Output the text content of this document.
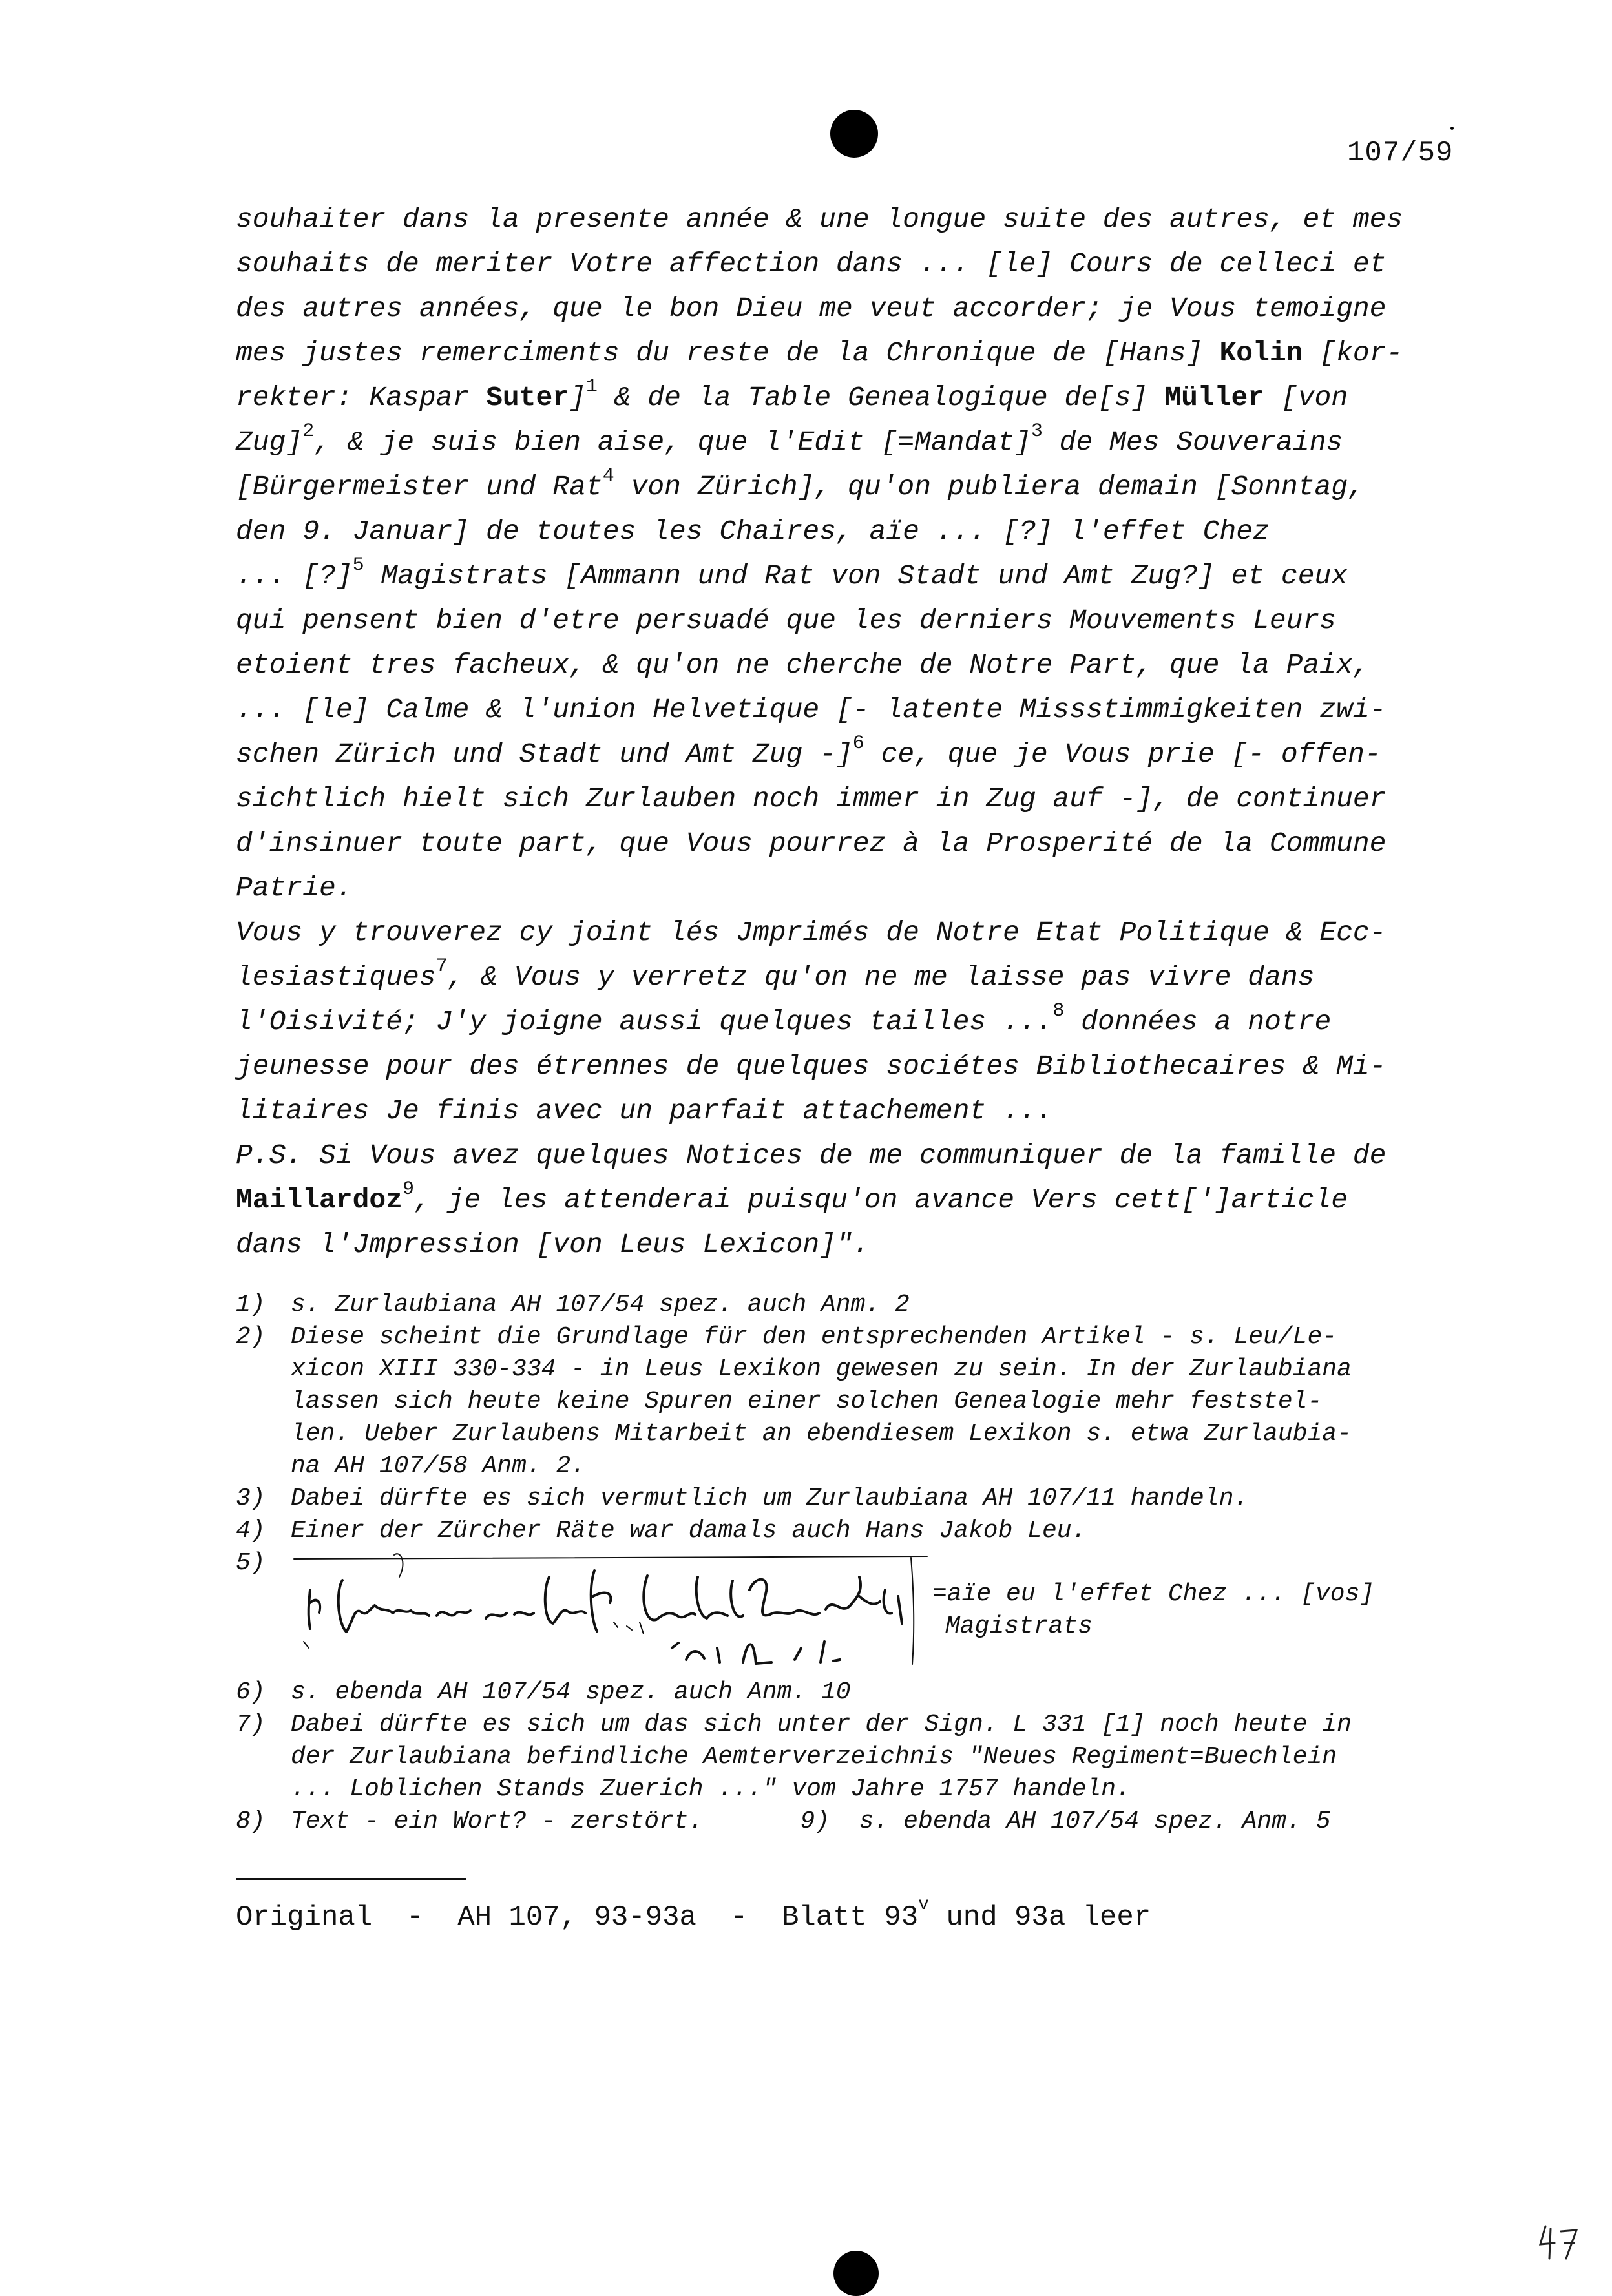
107/59
souhaiter dans la presente année & une longue suite des autres, et mes
souhaits de meriter Votre affection dans ... [le] Cours de celleci et
des autres années, que le bon Dieu me veut accorder; je Vous temoigne
mes justes remerciments du reste de la Chronique de [Hans] Kolin [kor-
rekter: Kaspar Suter]$^1$ & de la Table Genealogique de[s] Müller [von
Zug]$^2$, & je suis bien aise, que l'Edit [=Mandat]$^3$ de Mes Souverains
[Bürgermeister und Rat$^4$ von Zürich], qu'on publiera demain [Sonntag,
den 9. Januar] de toutes les Chaires, aïe ... [?] l'effet Chez
... [?]$^5$ Magistrats [Ammann und Rat von Stadt und Amt Zug?] et ceux
qui pensent bien d'etre persuadé que les derniers Mouvements Leurs
etoient tres facheux, & qu'on ne cherche de Notre Part, que la Paix,
... [le] Calme & l'union Helvetique [- latente Missstimmigkeiten zwi-
schen Zürich und Stadt und Amt Zug -]$^6$ ce, que je Vous prie [- offen-
sichtlich hielt sich Zurlauben noch immer in Zug auf -], de continuer
d'insinuer toute part, que Vous pourrez à la Prosperité de la Commune
Patrie.
Vous y trouverez cy joint lés Jmprimés de Notre Etat Politique & Ecc-
lesiastiques$^7$, & Vous y verretz qu'on ne me laisse pas vivre dans
l'Oisivité; J'y joigne aussi quelques tailles ...$^8$ données a notre
jeunesse pour des étrennes de quelques sociétes Bibliothecaires & Mi-
litaires Je finis avec un parfait attachement ...
P.S. Si Vous avez quelques Notices de me communiquer de la famille de
Maillardoz$^9$, je les attenderai puisqu'on avance Vers cett[']article
dans l'Jmpression [von Leus Lexicon]".
1)	s. Zurlaubiana AH 107/54 spez. auch Anm. 2
2)	Diese scheint die Grundlage für den entsprechenden Artikel - s. Leu/Le-
xicon XIII 330-334 - in Leus Lexikon gewesen zu sein. In der Zurlaubiana
lassen sich heute keine Spuren einer solchen Genealogie mehr feststel-
len. Ueber Zurlaubens Mitarbeit an ebendiesem Lexikon s. etwa Zurlaubia-
na AH 107/58 Anm. 2.
3)	Dabei dürfte es sich vermutlich um Zurlaubiana AH 107/11 handeln.
4)	Einer der Zürcher Räte war damals auch Hans Jakob Leu.
5)
=aïe eu l'effet Chez ... [vos]
Magistrats
6)	s. ebenda AH 107/54 spez. auch Anm. 10
7)	Dabei dürfte es sich um das sich unter der Sign. L 331 [1] noch heute in
der Zurlaubiana befindliche Aemterverzeichnis "Neues Regiment=Buechlein
... Loblichen Stands Zuerich ..." vom Jahre 1757 handeln.
8)	Text - ein Wort? - zerstört.	9) s. ebenda AH 107/54 spez. Anm. 5
Original  -  AH 107, 93-93a  -  Blatt 93$^v$ und 93a leer
